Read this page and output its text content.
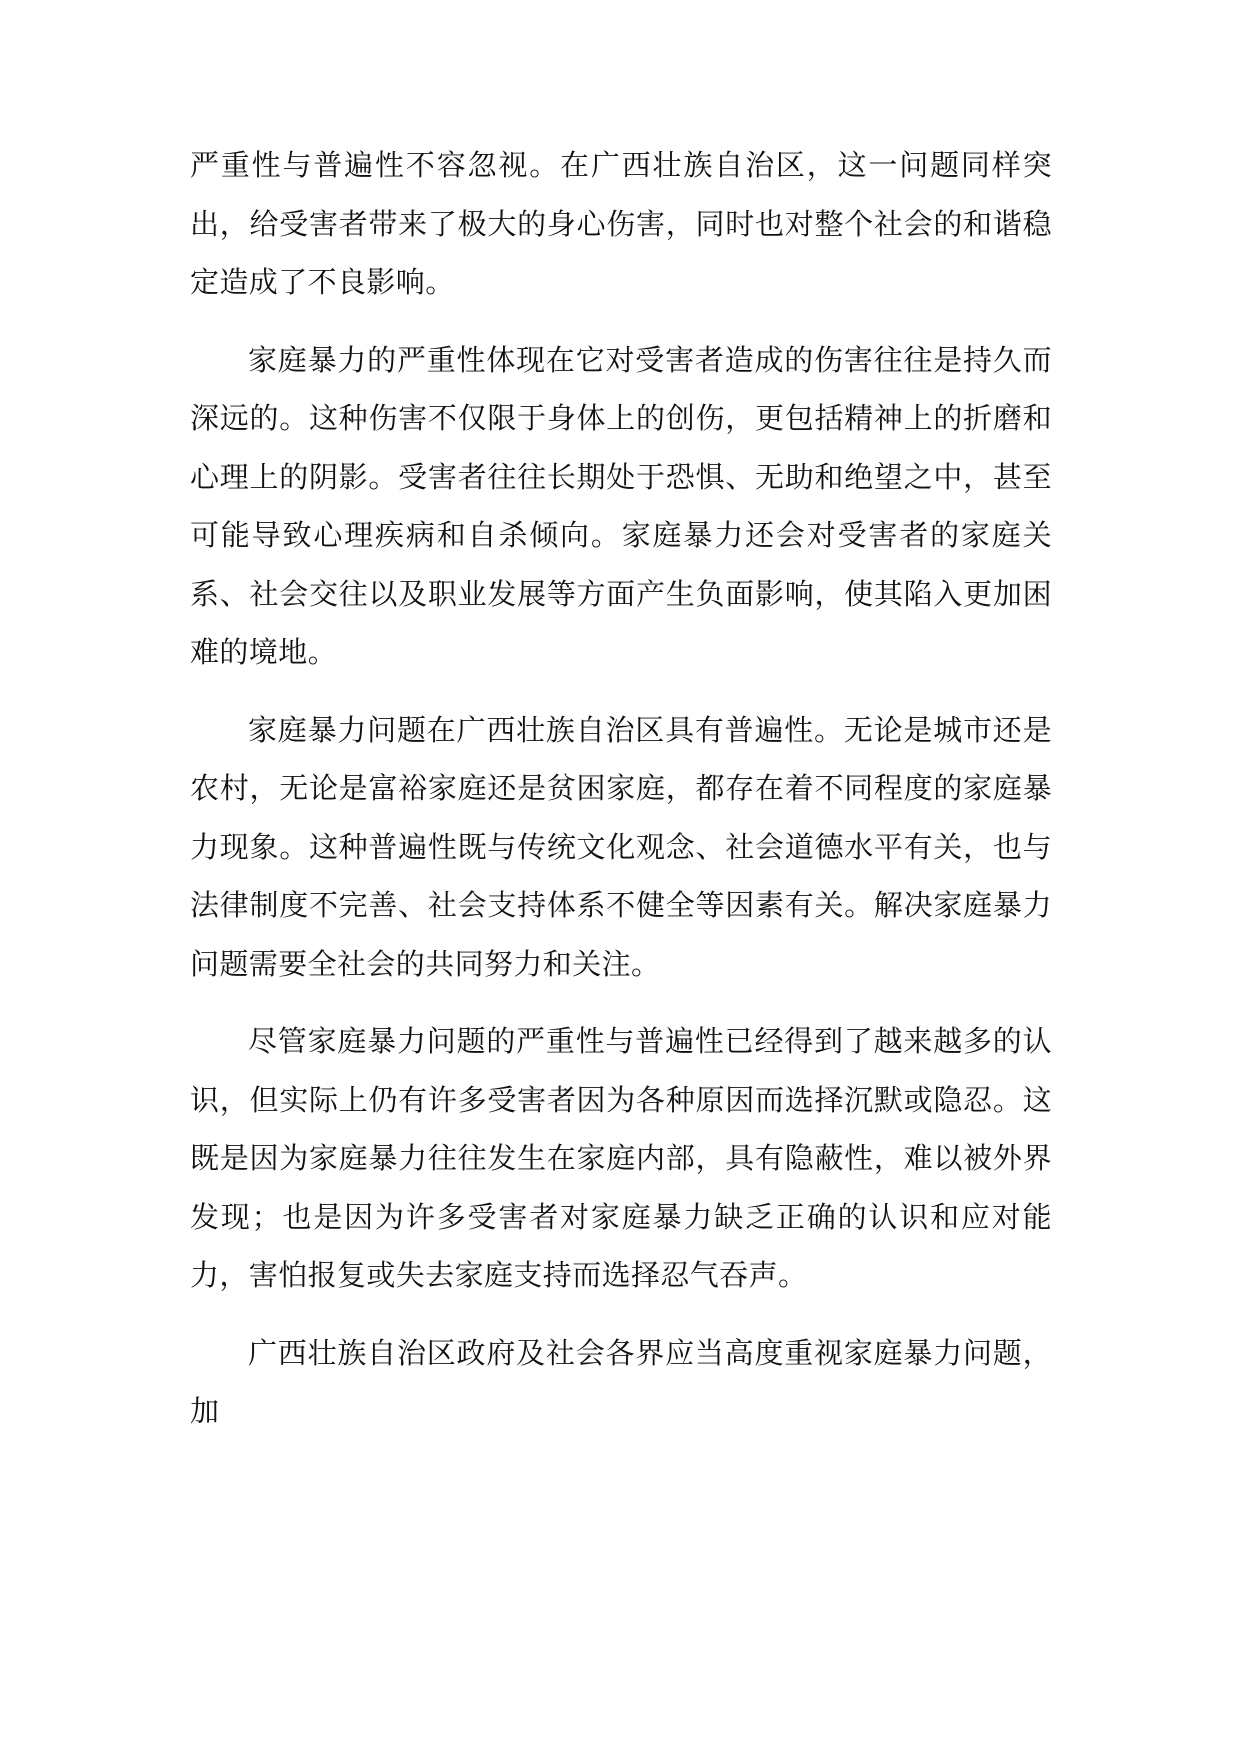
严重性与普遍性不容忽视。在广西壮族自治区，这一问题同样突出，给受害者带来了极大的身心伤害，同时也对整个社会的和谐稳定造成了不良影响。

家庭暴力的严重性体现在它对受害者造成的伤害往往是持久而深远的。这种伤害不仅限于身体上的创伤，更包括精神上的折磨和心理上的阴影。受害者往往长期处于恐惧、无助和绝望之中，甚至可能导致心理疾病和自杀倾向。家庭暴力还会对受害者的家庭关系、社会交往以及职业发展等方面产生负面影响，使其陷入更加困难的境地。

家庭暴力问题在广西壮族自治区具有普遍性。无论是城市还是农村，无论是富裕家庭还是贫困家庭，都存在着不同程度的家庭暴力现象。这种普遍性既与传统文化观念、社会道德水平有关，也与法律制度不完善、社会支持体系不健全等因素有关。解决家庭暴力问题需要全社会的共同努力和关注。

尽管家庭暴力问题的严重性与普遍性已经得到了越来越多的认识，但实际上仍有许多受害者因为各种原因而选择沉默或隐忍。这既是因为家庭暴力往往发生在家庭内部，具有隐蔽性，难以被外界发现；也是因为许多受害者对家庭暴力缺乏正确的认识和应对能力，害怕报复或失去家庭支持而选择忍气吞声。

广西壮族自治区政府及社会各界应当高度重视家庭暴力问题，加
